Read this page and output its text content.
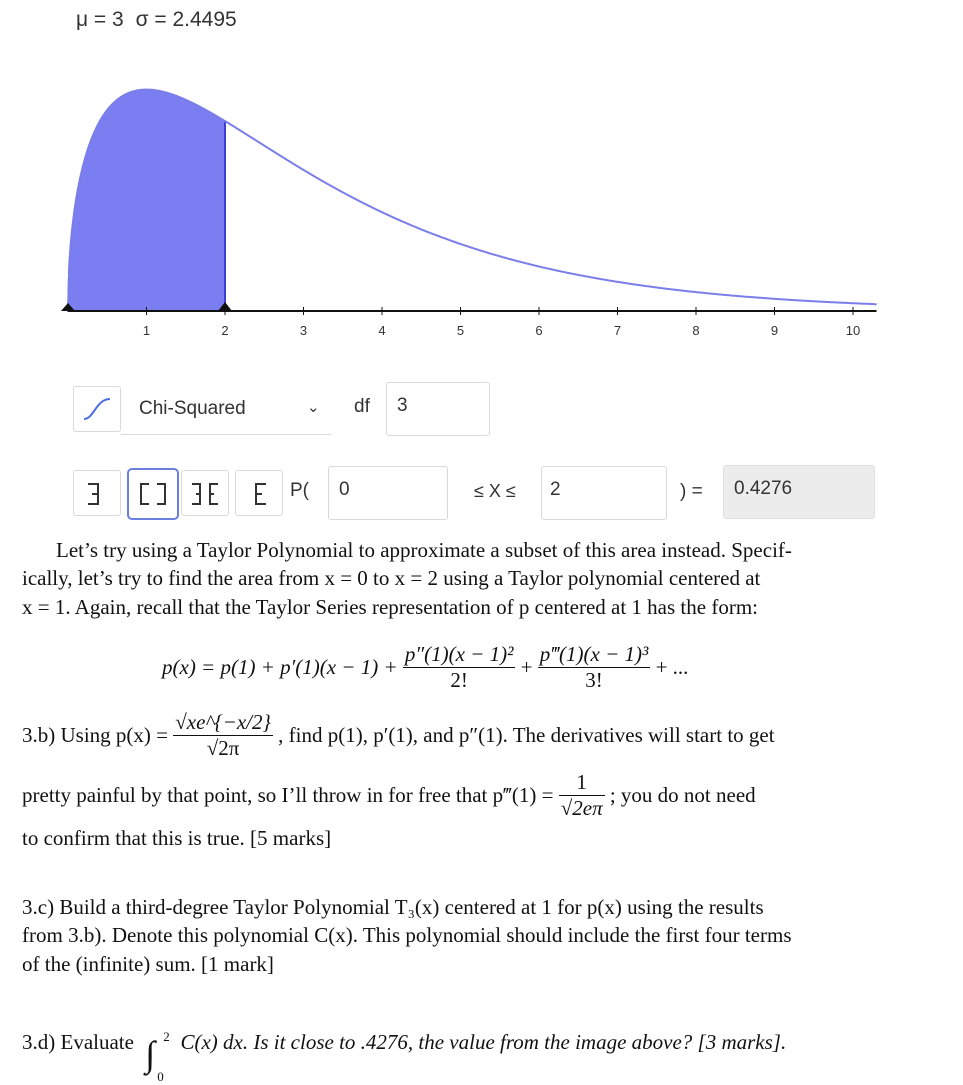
μ = 3 σ = 2.4495
1	2	3	4	5	6	7	8	9	10
Chi-Squared	⌄ df 3
P( 0	≤ X ≤ 2	) = 0.4276
Let’s try using a Taylor Polynomial to approximate a subset of this area instead. Specif-
ically, let’s try to find the area from x = 0 to x = 2 using a Taylor polynomial centered at
x = 1. Again, recall that the Taylor Series representation of p centered at 1 has the form:
$p(x) = p(1) + p'(1)(x - 1) + \frac{\text{p″(1)(x − 1)²}}{2!} + \frac{\text{p‴(1)(x − 1)³}}{3!}$ + ...
3.b) Using $p(x) = \frac{√xe\^{}\{-x/2\}}{√2\pi}$ , find p(1), p′(1), and p″(1). The derivatives will start to get
pretty painful by that point, so I’ll throw in for free that p‴(1) = $\frac{1}{√2e\pi}$ ; you do not need
to confirm that this is true. [5 marks]
3.c) Build a third-degree Taylor Polynomial T₃(x) centered at 1 for p(x) using the results
from 3.b). Denote this polynomial C(x). This polynomial should include the first four terms
of the (infinite) sum. [1 mark]
3.d) Evaluate ∫ 2
0
C(x) dx. Is it close to .4276, the value from the image above? [3 marks].
